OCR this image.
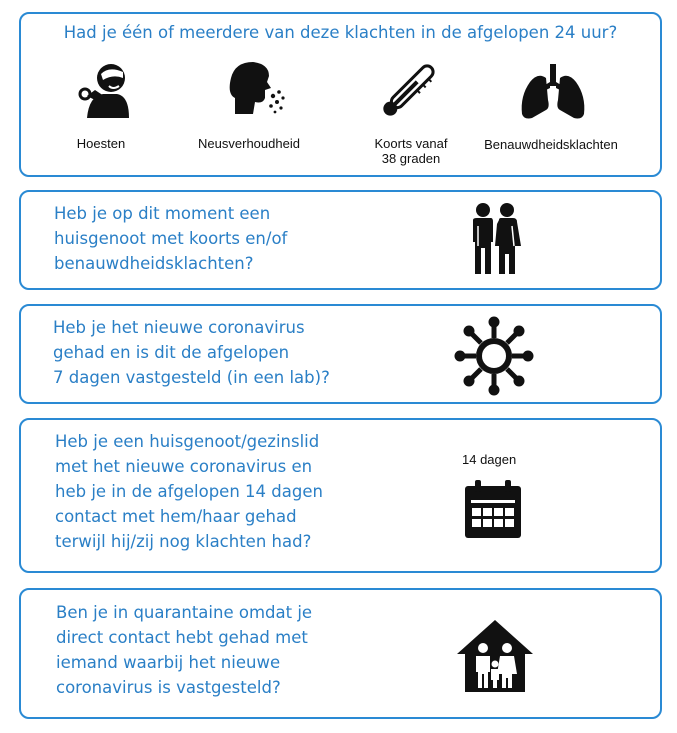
Had je één of meerdere van deze klachten in de afgelopen 24 uur?

Hoesten	Neusverhoudheid	Koorts vanaf
38 graden
Benauwdheidsklachten

Heb je op dit moment een
huisgenoot met koorts en/of
benauwdheidsklachten?

Heb je het nieuwe coronavirus
gehad en is dit de afgelopen
7 dagen vastgesteld (in een lab)?

Heb je een huisgenoot/gezinslid
met het nieuwe coronavirus en
heb je in de afgelopen 14 dagen
contact met hem/haar gehad
terwijl hij/zij nog klachten had?

14 dagen

Ben je in quarantaine omdat je
direct contact hebt gehad met
iemand waarbij het nieuwe
coronavirus is vastgesteld?
